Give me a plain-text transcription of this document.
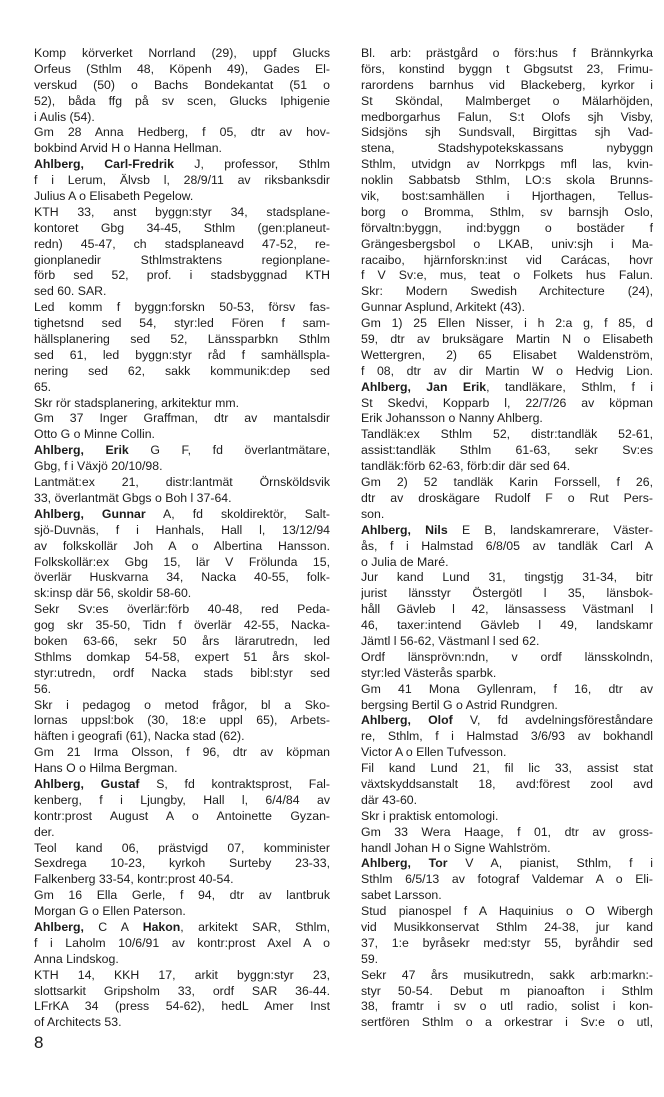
Komp körverket Norrland (29), uppf Glucks
Orfeus (Sthlm 48, Köpenh 49), Gades El-
verskud (50) o Bachs Bondekantat (51 o
52), båda ffg på sv scen, Glucks Iphigenie
i Aulis (54).
Gm 28 Anna Hedberg, f 05, dtr av hov-
bokbind Arvid H o Hanna Hellman.
Ahlberg, Carl-Fredrik J, professor, Sthlm
f i Lerum, Älvsb l, 28/9/11 av riksbanksdir
Julius A o Elisabeth Pegelow.
KTH 33, anst byggn:styr 34, stadsplane-
kontoret Gbg 34-45, Sthlm (gen:planeut-
redn) 45-47, ch stadsplaneavd 47-52, re-
gionplanedir Sthlmstraktens regionplane-
förb sed 52, prof. i stadsbyggnad KTH
sed 60. SAR.
Led komm f byggn:forskn 50-53, försv fas-
tighetsnd sed 54, styr:led Fören f sam-
hällsplanering sed 52, Länssparbkn Sthlm
sed 61, led byggn:styr råd f samhällspla-
nering sed 62, sakk kommunik:dep sed
65.
Skr rör stadsplanering, arkitektur mm.
Gm 37 Inger Graffman, dtr av mantalsdir
Otto G o Minne Collin.
Ahlberg, Erik G F, fd överlantmätare,
Gbg, f i Växjö 20/10/98.
Lantmät:ex 21, distr:lantmät Örnsköldsvik
33, överlantmät Gbgs o Boh l 37-64.
Ahlberg, Gunnar A, fd skoldirektör, Salt-
sjö-Duvnäs, f i Hanhals, Hall l, 13/12/94
av folkskollär Joh A o Albertina Hansson.
Folkskollär:ex Gbg 15, lär V Frölunda 15,
överlär Huskvarna 34, Nacka 40-55, folk-
sk:insp där 56, skoldir 58-60.
Sekr Sv:es överlär:förb 40-48, red Peda-
gog skr 35-50, Tidn f överlär 42-55, Nacka-
boken 63-66, sekr 50 års lärarutredn, led
Sthlms domkap 54-58, expert 51 års skol-
styr:utredn, ordf Nacka stads bibl:styr sed
56.
Skr i pedagog o metod frågor, bl a Sko-
lornas uppsl:bok (30, 18:e uppl 65), Arbets-
häften i geografi (61), Nacka stad (62).
Gm 21 Irma Olsson, f 96, dtr av köpman
Hans O o Hilma Bergman.
Ahlberg, Gustaf S, fd kontraktsprost, Fal-
kenberg, f i Ljungby, Hall l, 6/4/84 av
kontr:prost August A o Antoinette Gyzan-
der.
Teol kand 06, prästvigd 07, komminister
Sexdrega 10-23, kyrkoh Surteby 23-33,
Falkenberg 33-54, kontr:prost 40-54.
Gm 16 Ella Gerle, f 94, dtr av lantbruk
Morgan G o Ellen Paterson.
Ahlberg, C A Hakon, arkitekt SAR, Sthlm,
f i Laholm 10/6/91 av kontr:prost Axel A o
Anna Lindskog.
KTH 14, KKH 17, arkit byggn:styr 23,
slottsarkit Gripsholm 33, ordf SAR 36-44.
LFrKA 34 (press 54-62), hedL Amer Inst
of Architects 53.
Bl. arb: prästgård o förs:hus f Brännkyrka
förs, konstind byggn t Gbgsutst 23, Frimu-
rarordens barnhus vid Blackeberg, kyrkor i
St Sköndal, Malmberget o Mälarhöjden,
medborgarhus Falun, S:t Olofs sjh Visby,
Sidsjöns sjh Sundsvall, Birgittas sjh Vad-
stena, Stadshypotekskassans nybyggn
Sthlm, utvidgn av Norrkpgs mfl las, kvin-
noklin Sabbatsb Sthlm, LO:s skola Brunns-
vik, bost:samhällen i Hjorthagen, Tellus-
borg o Bromma, Sthlm, sv barnsjh Oslo,
förvaltn:byggn, ind:byggn o bostäder f
Grängesbergsbol o LKAB, univ:sjh i Ma-
racaibo, hjärnforskn:inst vid Carácas, hovr
f V Sv:e, mus, teat o Folkets hus Falun.
Skr: Modern Swedish Architecture (24),
Gunnar Asplund, Arkitekt (43).
Gm 1) 25 Ellen Nisser, i h 2:a g, f 85, d
59, dtr av bruksägare Martin N o Elisabeth
Wettergren, 2) 65 Elisabet Waldenström,
f 08, dtr av dir Martin W o Hedvig Lion.
Ahlberg, Jan Erik, tandläkare, Sthlm, f i
St Skedvi, Kopparb l, 22/7/26 av köpman
Erik Johansson o Nanny Ahlberg.
Tandläk:ex Sthlm 52, distr:tandläk 52-61,
assist:tandläk Sthlm 61-63, sekr Sv:es
tandläk:förb 62-63, förb:dir där sed 64.
Gm 2) 52 tandläk Karin Forssell, f 26,
dtr av droskägare Rudolf F o Rut Pers-
son.
Ahlberg, Nils E B, landskamrerare, Väster-
ås, f i Halmstad 6/8/05 av tandläk Carl A
o Julia de Maré.
Jur kand Lund 31, tingstjg 31-34, bitr
jurist länsstyr Östergötl l 35, länsbok-
håll Gävleb l 42, länsassess Västmanl l
46, taxer:intend Gävleb l 49, landskamr
Jämtl l 56-62, Västmanl l sed 62.
Ordf länsprövn:ndn, v ordf länsskolndn,
styr:led Västerås sparbk.
Gm 41 Mona Gyllenram, f 16, dtr av
bergsing Bertil G o Astrid Rundgren.
Ahlberg, Olof V, fd avdelningsföreståndare
re, Sthlm, f i Halmstad 3/6/93 av bokhandl
Victor A o Ellen Tufvesson.
Fil kand Lund 21, fil lic 33, assist stat
växtskyddsanstalt 18, avd:förest zool avd
där 43-60.
Skr i praktisk entomologi.
Gm 33 Wera Haage, f 01, dtr av gross-
handl Johan H o Signe Wahlström.
Ahlberg, Tor V A, pianist, Sthlm, f i
Sthlm 6/5/13 av fotograf Valdemar A o Eli-
sabet Larsson.
Stud pianospel f A Haquinius o O Wibergh
vid Musikkonservat Sthlm 24-38, jur kand
37, 1:e byråsekr med:styr 55, byråhdir sed
59.
Sekr 47 års musikutredn, sakk arb:markn:-
styr 50-54. Debut m pianoafton i Sthlm
38, framtr i sv o utl radio, solist i kon-
sertfören Sthlm o a orkestrar i Sv:e o utl,
8
